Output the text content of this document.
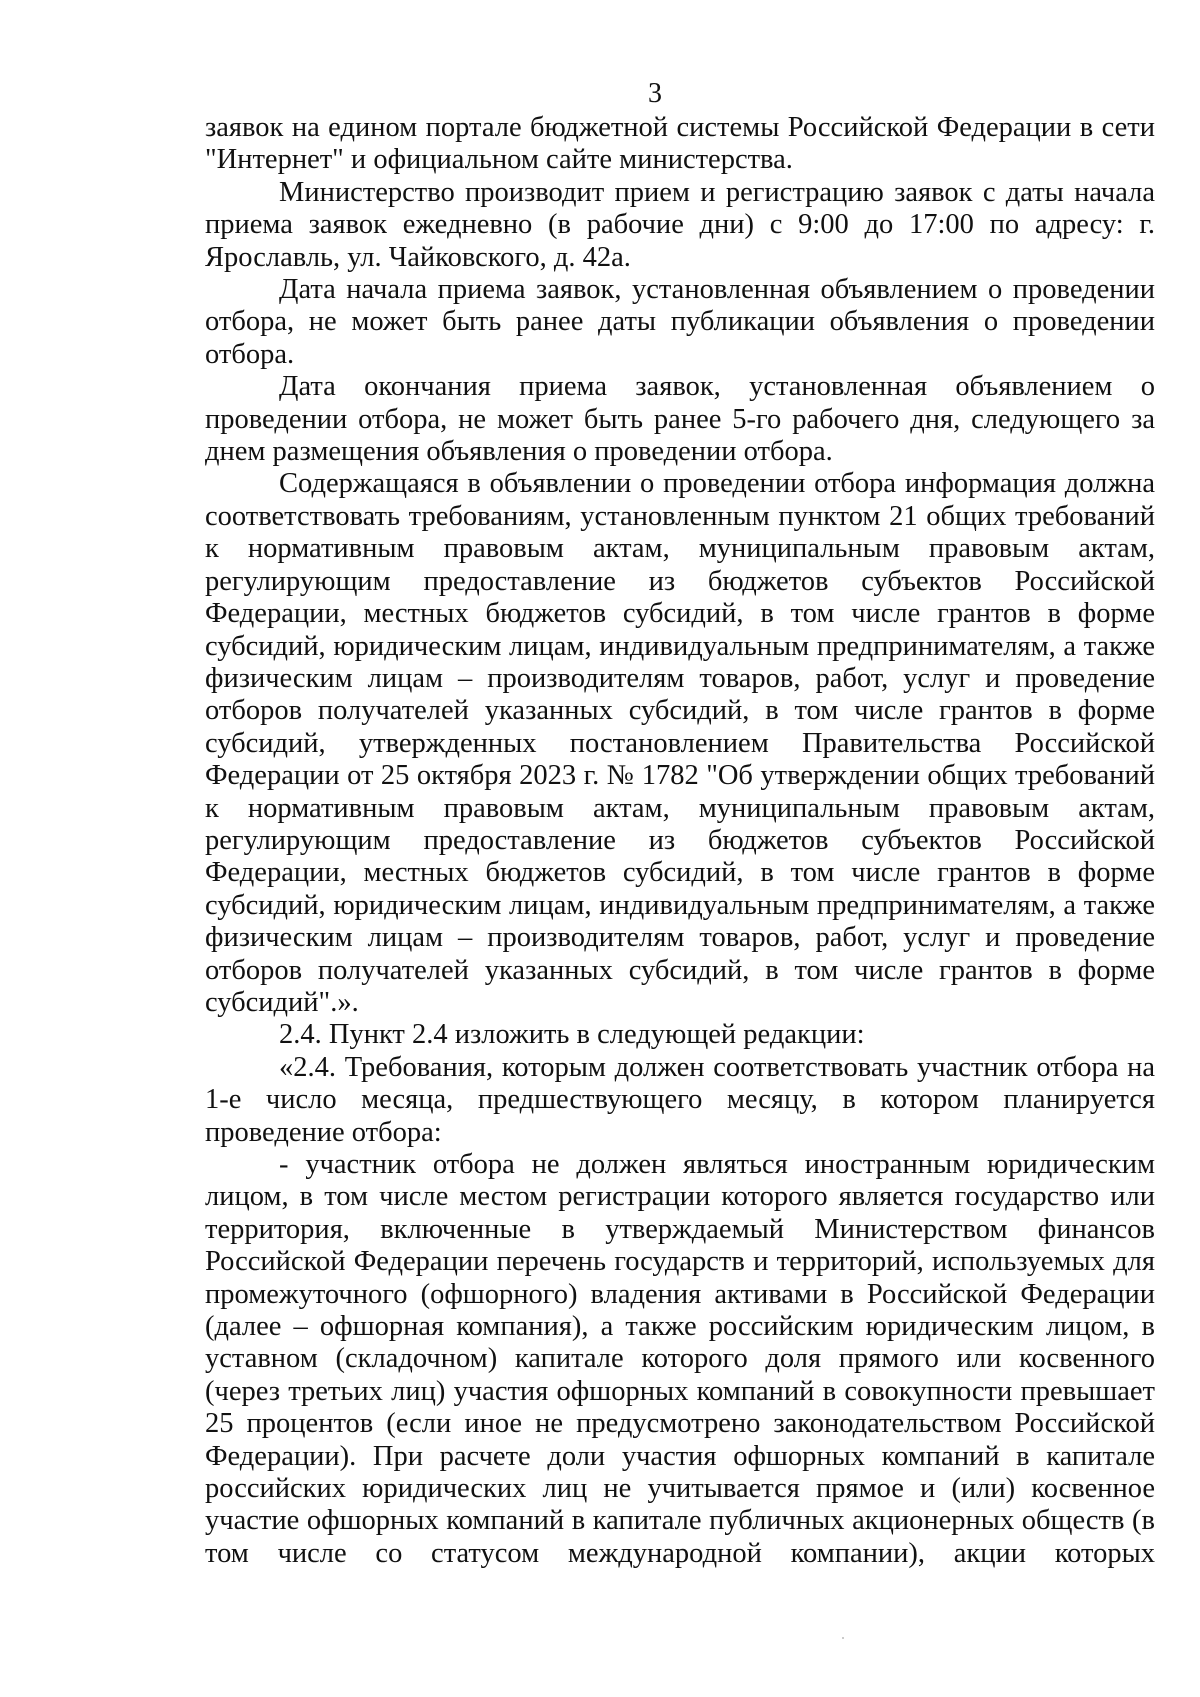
3

заявок на едином портале бюджетной системы Российской Федерации в сети "Интернет" и официальном сайте министерства.

Министерство производит прием и регистрацию заявок с даты начала приема заявок ежедневно (в рабочие дни) с 9:00 до 17:00 по адресу: г. Ярославль, ул. Чайковского, д. 42а.

Дата начала приема заявок, установленная объявлением о проведении отбора, не может быть ранее даты публикации объявления о проведении отбора.

Дата окончания приема заявок, установленная объявлением о проведении отбора, не может быть ранее 5-го рабочего дня, следующего за днем размещения объявления о проведении отбора.

Содержащаяся в объявлении о проведении отбора информация должна соответствовать требованиям, установленным пунктом 21 общих требований к нормативным правовым актам, муниципальным правовым актам, регулирующим предоставление из бюджетов субъектов Российской Федерации, местных бюджетов субсидий, в том числе грантов в форме субсидий, юридическим лицам, индивидуальным предпринимателям, а также физическим лицам – производителям товаров, работ, услуг и проведение отборов получателей указанных субсидий, в том числе грантов в форме субсидий, утвержденных постановлением Правительства Российской Федерации от 25 октября 2023 г. № 1782 "Об утверждении общих требований к нормативным правовым актам, муниципальным правовым актам, регулирующим предоставление из бюджетов субъектов Российской Федерации, местных бюджетов субсидий, в том числе грантов в форме субсидий, юридическим лицам, индивидуальным предпринимателям, а также физическим лицам – производителям товаров, работ, услуг и проведение отборов получателей указанных субсидий, в том числе грантов в форме субсидий".».

2.4. Пункт 2.4 изложить в следующей редакции:

«2.4. Требования, которым должен соответствовать участник отбора на 1-е число месяца, предшествующего месяцу, в котором планируется проведение отбора:

- участник отбора не должен являться иностранным юридическим лицом, в том числе местом регистрации которого является государство или территория, включенные в утверждаемый Министерством финансов Российской Федерации перечень государств и территорий, используемых для промежуточного (офшорного) владения активами в Российской Федерации (далее – офшорная компания), а также российским юридическим лицом, в уставном (складочном) капитале которого доля прямого или косвенного (через третьих лиц) участия офшорных компаний в совокупности превышает 25 процентов (если иное не предусмотрено законодательством Российской Федерации). При расчете доли участия офшорных компаний в капитале российских юридических лиц не учитывается прямое и (или) косвенное участие офшорных компаний в капитале публичных акционерных обществ (в том числе со статусом международной компании), акции которых
